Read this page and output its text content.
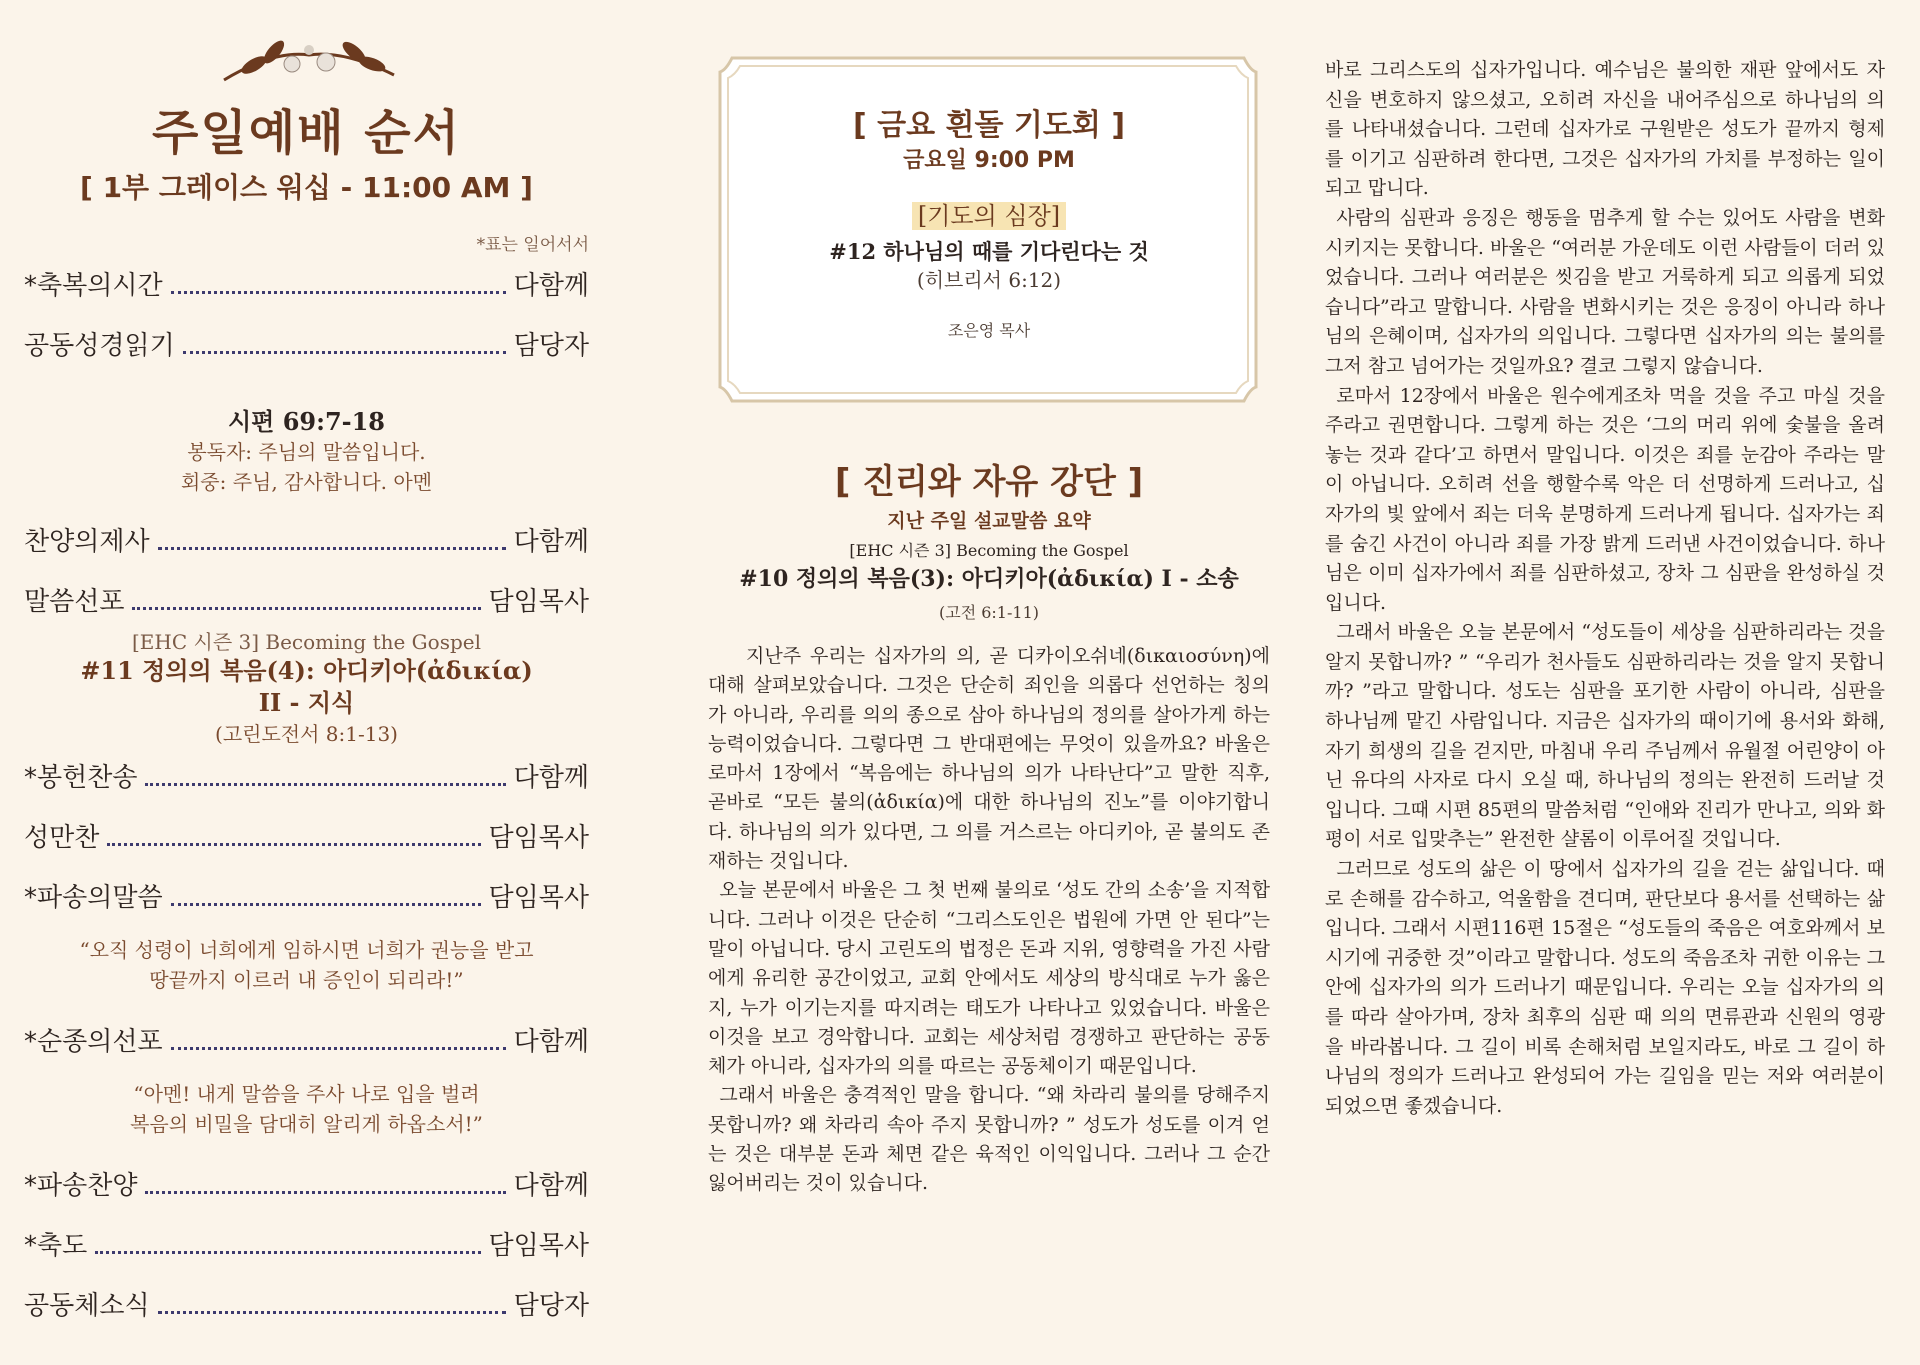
주일예배 순서
[ 1부 그레이스 워십 - 11:00 AM ]
*표는 일어서서
*축복의시간	다함께
공동성경읽기	담당자
시편 69:7-18
봉독자: 주님의 말씀입니다.
회중: 주님, 감사합니다. 아멘
찬양의제사	다함께
말씀선포	담임목사
[EHC 시즌 3] Becoming the Gospel
#11 정의의 복음(4): 아디키아(ἀδικία)
II - 지식
(고린도전서 8:1-13)
*봉헌찬송	다함께
성만찬	담임목사
*파송의말씀	담임목사
“오직 성령이 너희에게 임하시면 너희가 권능을 받고
땅끝까지 이르러 내 증인이 되리라!”
*순종의선포	다함께
“아멘! 내게 말씀을 주사 나로 입을 벌려
복음의 비밀을 담대히 알리게 하옵소서!”
*파송찬양	다함께
*축도	담임목사
공동체소식	담당자
[ 금요 흰돌 기도회 ]
금요일 9:00 PM
[기도의 심장]
#12 하나님의 때를 기다린다는 것
(히브리서 6:12)
조은영 목사
[ 진리와 자유 강단 ]
지난 주일 설교말씀 요약
[EHC 시즌 3] Becoming the Gospel
#10 정의의 복음(3): 아디키아(ἀδικία) I - 소송
(고전 6:1-11)

지난주 우리는 십자가의 의, 곧 디카이오쉬네(δικαιοσύνη)에 대해 살펴보았습니다. 그것은 단순히 죄인을 의롭다 선언하는 칭의가 아니라, 우리를 의의 종으로 삼아 하나님의 정의를 살아가게 하는 능력이었습니다. 그렇다면 그 반대편에는 무엇이 있을까요? 바울은 로마서 1장에서 “복음에는 하나님의 의가 나타난다”고 말한 직후, 곧바로 “모든 불의(ἀδικία)에 대한 하나님의 진노”를 이야기합니다. 하나님의 의가 있다면, 그 의를 거스르는 아디키아, 곧 불의도 존재하는 것입니다.

오늘 본문에서 바울은 그 첫 번째 불의로 ‘성도 간의 소송’을 지적합니다. 그러나 이것은 단순히 “그리스도인은 법원에 가면 안 된다”는 말이 아닙니다. 당시 고린도의 법정은 돈과 지위, 영향력을 가진 사람에게 유리한 공간이었고, 교회 안에서도 세상의 방식대로 누가 옳은지, 누가 이기는지를 따지려는 태도가 나타나고 있었습니다. 바울은 이것을 보고 경악합니다. 교회는 세상처럼 경쟁하고 판단하는 공동체가 아니라, 십자가의 의를 따르는 공동체이기 때문입니다.

그래서 바울은 충격적인 말을 합니다. “왜 차라리 불의를 당해주지 못합니까? 왜 차라리 속아 주지 못합니까? ” 성도가 성도를 이겨 얻는 것은 대부분 돈과 체면 같은 육적인 이익입니다. 그러나 그 순간 잃어버리는 것이 있습니다.

바로 그리스도의 십자가입니다. 예수님은 불의한 재판 앞에서도 자신을 변호하지 않으셨고, 오히려 자신을 내어주심으로 하나님의 의를 나타내셨습니다. 그런데 십자가로 구원받은 성도가 끝까지 형제를 이기고 심판하려 한다면, 그것은 십자가의 가치를 부정하는 일이 되고 맙니다.

사람의 심판과 응징은 행동을 멈추게 할 수는 있어도 사람을 변화시키지는 못합니다. 바울은 “여러분 가운데도 이런 사람들이 더러 있었습니다. 그러나 여러분은 씻김을 받고 거룩하게 되고 의롭게 되었습니다”라고 말합니다. 사람을 변화시키는 것은 응징이 아니라 하나님의 은혜이며, 십자가의 의입니다. 그렇다면 십자가의 의는 불의를 그저 참고 넘어가는 것일까요? 결코 그렇지 않습니다.

로마서 12장에서 바울은 원수에게조차 먹을 것을 주고 마실 것을 주라고 권면합니다. 그렇게 하는 것은 ‘그의 머리 위에 숯불을 올려놓는 것과 같다’고 하면서 말입니다. 이것은 죄를 눈감아 주라는 말이 아닙니다. 오히려 선을 행할수록 악은 더 선명하게 드러나고, 십자가의 빛 앞에서 죄는 더욱 분명하게 드러나게 됩니다. 십자가는 죄를 숨긴 사건이 아니라 죄를 가장 밝게 드러낸 사건이었습니다. 하나님은 이미 십자가에서 죄를 심판하셨고, 장차 그 심판을 완성하실 것입니다.

그래서 바울은 오늘 본문에서 “성도들이 세상을 심판하리라는 것을 알지 못합니까? ” “우리가 천사들도 심판하리라는 것을 알지 못합니까? ”라고 말합니다. 성도는 심판을 포기한 사람이 아니라, 심판을 하나님께 맡긴 사람입니다. 지금은 십자가의 때이기에 용서와 화해, 자기 희생의 길을 걷지만, 마침내 우리 주님께서 유월절 어린양이 아닌 유다의 사자로 다시 오실 때, 하나님의 정의는 완전히 드러날 것입니다. 그때 시편 85편의 말씀처럼 “인애와 진리가 만나고, 의와 화평이 서로 입맞추는” 완전한 샬롬이 이루어질 것입니다.

그러므로 성도의 삶은 이 땅에서 십자가의 길을 걷는 삶입니다. 때로 손해를 감수하고, 억울함을 견디며, 판단보다 용서를 선택하는 삶입니다. 그래서 시편116편 15절은 “성도들의 죽음은 여호와께서 보시기에 귀중한 것”이라고 말합니다. 성도의 죽음조차 귀한 이유는 그 안에 십자가의 의가 드러나기 때문입니다. 우리는 오늘 십자가의 의를 따라 살아가며, 장차 최후의 심판 때 의의 면류관과 신원의 영광을 바라봅니다. 그 길이 비록 손해처럼 보일지라도, 바로 그 길이 하나님의 정의가 드러나고 완성되어 가는 길임을 믿는 저와 여러분이 되었으면 좋겠습니다.
